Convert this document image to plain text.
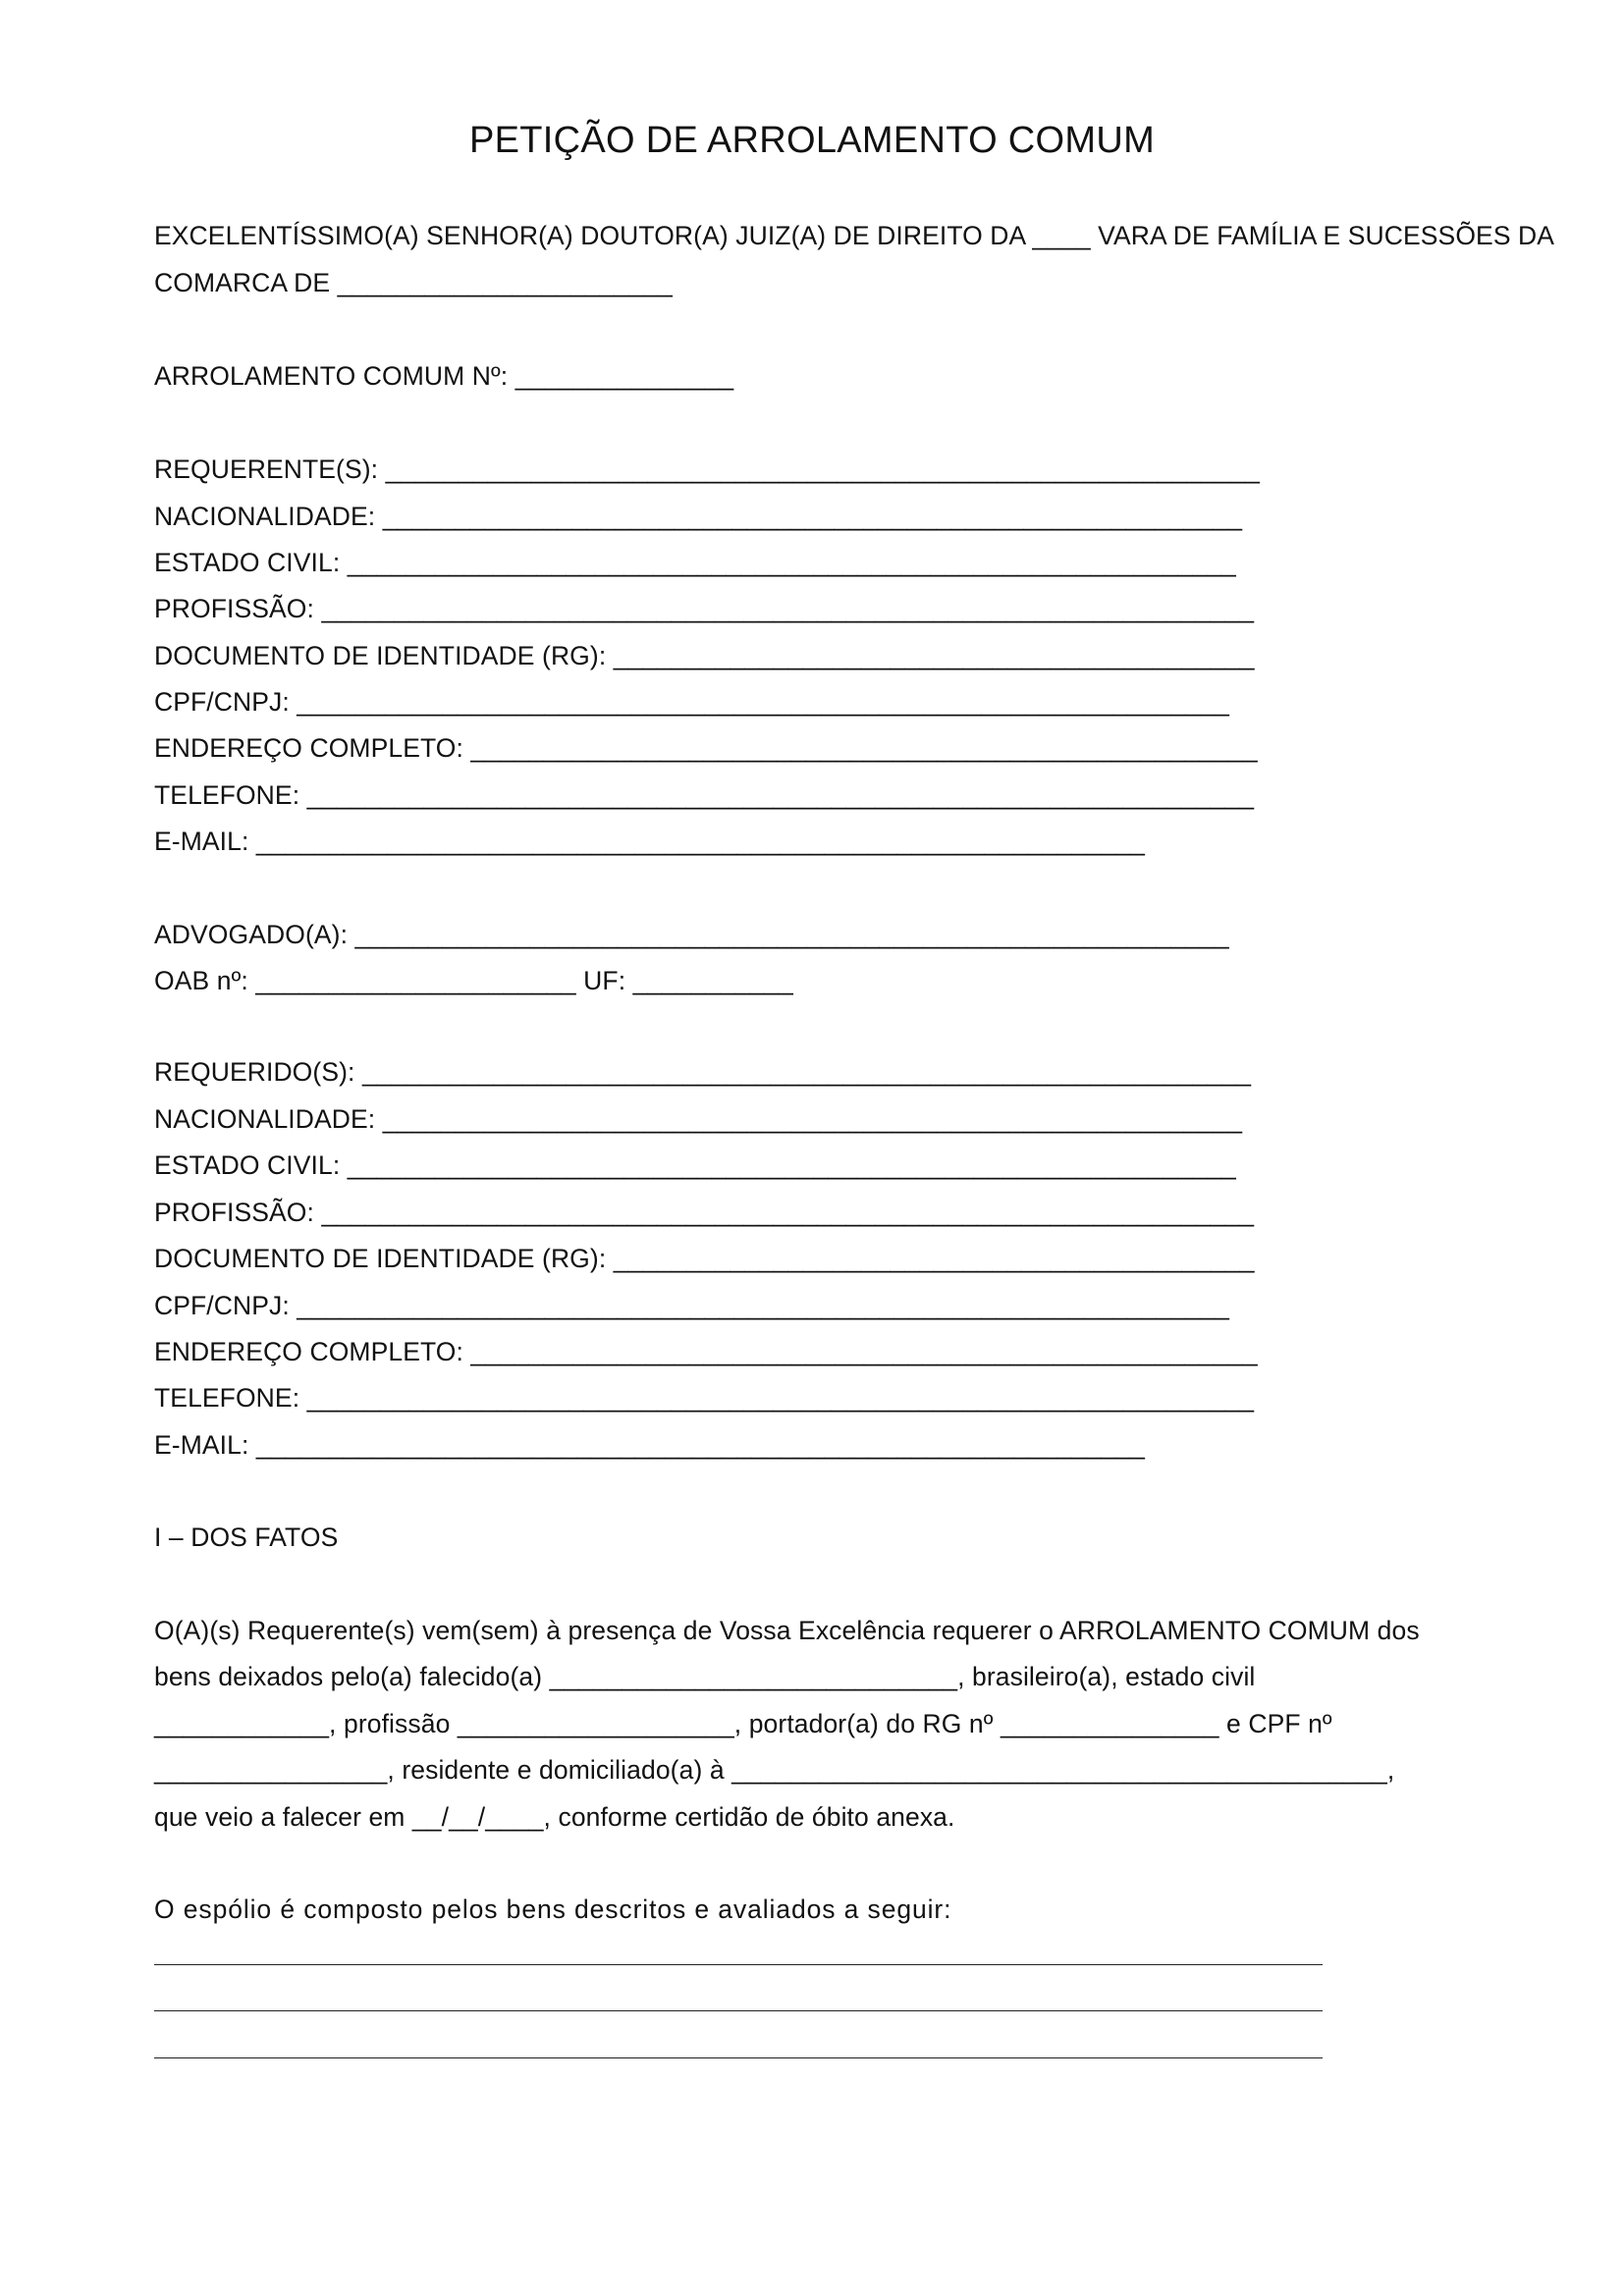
PETIÇÃO DE ARROLAMENTO COMUM
EXCELENTÍSSIMO(A) SENHOR(A) DOUTOR(A) JUIZ(A) DE DIREITO DA ____ VARA DE FAMÍLIA E SUCESSÕES DA
COMARCA DE _______________________
ARROLAMENTO COMUM Nº: _______________
REQUERENTE(S): ____________________________________________________________
NACIONALIDADE: ___________________________________________________________
ESTADO CIVIL: _____________________________________________________________
PROFISSÃO: ________________________________________________________________
DOCUMENTO DE IDENTIDADE (RG): ____________________________________________
CPF/CNPJ: ________________________________________________________________
ENDEREÇO COMPLETO: ______________________________________________________
TELEFONE: _________________________________________________________________
E-MAIL: _____________________________________________________________
ADVOGADO(A): ____________________________________________________________
OAB nº: ______________________ UF: ___________
REQUERIDO(S): _____________________________________________________________
NACIONALIDADE: ___________________________________________________________
ESTADO CIVIL: _____________________________________________________________
PROFISSÃO: ________________________________________________________________
DOCUMENTO DE IDENTIDADE (RG): ____________________________________________
CPF/CNPJ: ________________________________________________________________
ENDEREÇO COMPLETO: ______________________________________________________
TELEFONE: _________________________________________________________________
E-MAIL: _____________________________________________________________
I – DOS FATOS
O(A)(s) Requerente(s) vem(sem) à presença de Vossa Excelência requerer o ARROLAMENTO COMUM dos
bens deixados pelo(a) falecido(a) ____________________________, brasileiro(a), estado civil
____________, profissão ___________________, portador(a) do RG nº _______________ e CPF nº
________________, residente e domiciliado(a) à _____________________________________________,
que veio a falecer em __/__/____, conforme certidão de óbito anexa.
O espólio é composto pelos bens descritos e avaliados a seguir:
